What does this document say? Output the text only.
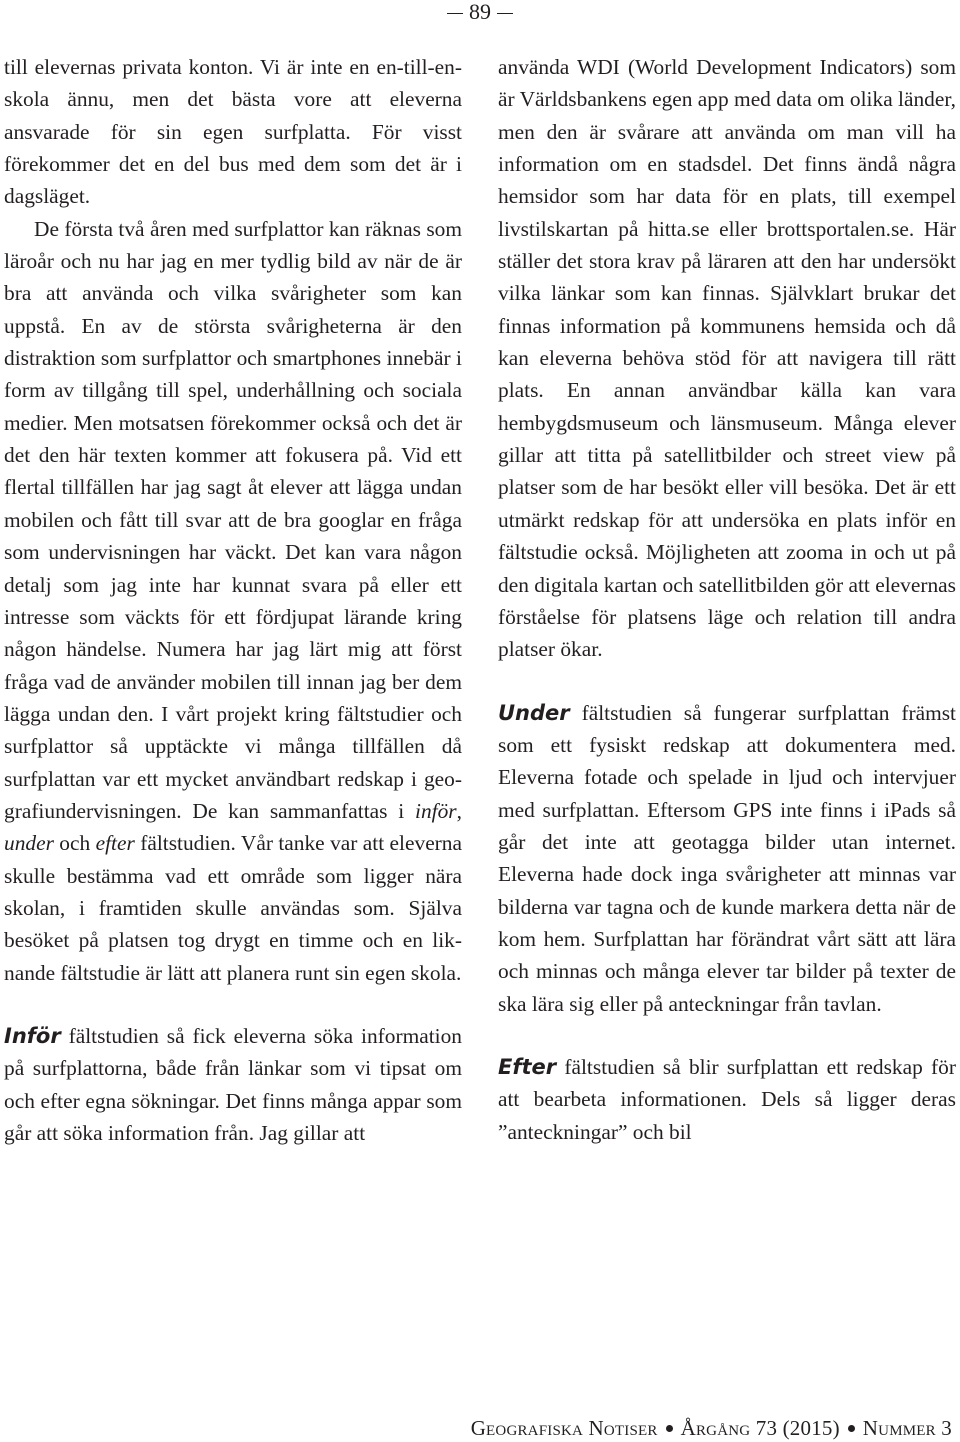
89

till elevernas privata konton. Vi är inte en en-till-en-skola ännu, men det bästa vore att eleverna ansvarade för sin egen surfplatta. För visst förekommer det en del bus med dem som det är i dagsläget.

De första två åren med surfplattor kan räknas som läroår och nu har jag en mer tydlig bild av när de är bra att använda och vilka svårigheter som kan uppstå. En av de största svårigheterna är den distraktion som surfplattor och smartphones innebär i form av tillgång till spel, underhållning och sociala medier. Men motsatsen förekommer också och det är det den här texten kommer att fokusera på. Vid ett flertal tillfällen har jag sagt åt elever att lägga undan mobilen och fått till svar att de bra googlar en fråga som undervisningen har väckt. Det kan vara någon detalj som jag inte har kunnat svara på eller ett intresse som väckts för ett fördjupat lärande kring någon händelse. Numera har jag lärt mig att först fråga vad de använder mobilen till innan jag ber dem lägga undan den. I vårt projekt kring fältstudier och surfplattor så upptäckte vi många tillfällen då surfplattan var ett mycket användbart redskap i geografiundervisningen. De kan sammanfattas i inför, under och efter fältstudien. Vår tanke var att eleverna skulle bestämma vad ett område som ligger nära skolan, i framtiden skulle användas som. Själva besöket på platsen tog drygt en timme och en liknande fältstudie är lätt att planera runt sin egen skola.

Inför fältstudien så fick eleverna söka information på surfplattorna, både från länkar som vi tipsat om och efter egna sökningar. Det finns många appar som går att söka information från. Jag gillar att

använda WDI (World Development Indicators) som är Världsbankens egen app med data om olika länder, men den är svårare att använda om man vill ha information om en stadsdel. Det finns ändå några hemsidor som har data för en plats, till exempel livstilskartan på hitta.se eller brottsportalen.se. Här ställer det stora krav på läraren att den har undersökt vilka länkar som kan finnas. Självklart brukar det finnas information på kommunens hemsida och då kan eleverna behöva stöd för att navigera till rätt plats. En annan användbar källa kan vara hembygdsmuseum och länsmuseum. Många elever gillar att titta på satellitbilder och street view på platser som de har besökt eller vill besöka. Det är ett utmärkt redskap för att undersöka en plats inför en fältstudie också. Möjligheten att zooma in och ut på den digitala kartan och satellitbilden gör att elevernas förståelse för platsens läge och relation till andra platser ökar.

Under fältstudien så fungerar surfplattan främst som ett fysiskt redskap att dokumentera med. Eleverna fotade och spelade in ljud och intervjuer med surfplattan. Eftersom GPS inte finns i iPads så går det inte att geotagga bilder utan internet. Eleverna hade dock inga svårigheter att minnas var bilderna var tagna och de kunde markera detta när de kom hem. Surfplattan har förändrat vårt sätt att lära och minnas och många elever tar bilder på texter de ska lära sig eller på anteckningar från tavlan.

Efter fältstudien så blir surfplattan ett redskap för att bearbeta informationen. Dels så ligger deras ”anteckningar” och bil

Geografiska Notiser Årgång 73 (2015) Nummer 3
